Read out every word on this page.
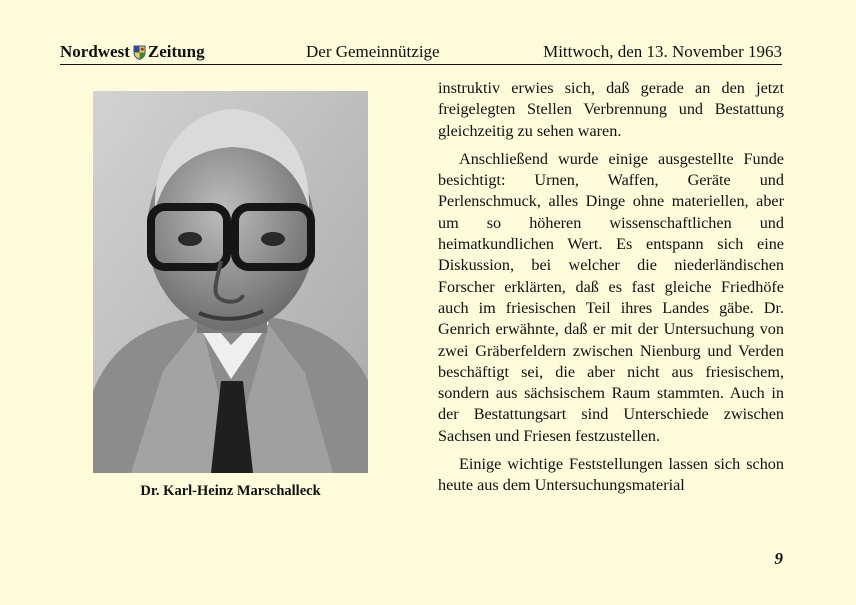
Nordwest Zeitung	Der Gemeinnützige	Mittwoch, den 13. November 1963
Dr. Karl-Heinz Marschalleck

instruktiv erwies sich, daß gerade an den jetzt freigelegten Stellen Verbrennung und Bestattung gleichzeitig zu sehen waren.

Anschließend wurde einige ausgestellte Funde besichtigt: Urnen, Waffen, Geräte und Perlenschmuck, alles Dinge ohne materiellen, aber um so höheren wissenschaftlichen und heimatkundlichen Wert. Es entspann sich eine Diskussion, bei welcher die niederländischen Forscher erklärten, daß es fast gleiche Friedhöfe auch im friesischen Teil ihres Landes gäbe. Dr. Genrich erwähnte, daß er mit der Untersuchung von zwei Gräberfeldern zwischen Nienburg und Verden beschäftigt sei, die aber nicht aus friesischem, sondern aus sächsischem Raum stammten. Auch in der Bestattungsart sind Unterschiede zwischen Sachsen und Friesen festzustellen.

Einige wichtige Feststellungen lassen sich schon heute aus dem Untersuchungsmaterial

9
